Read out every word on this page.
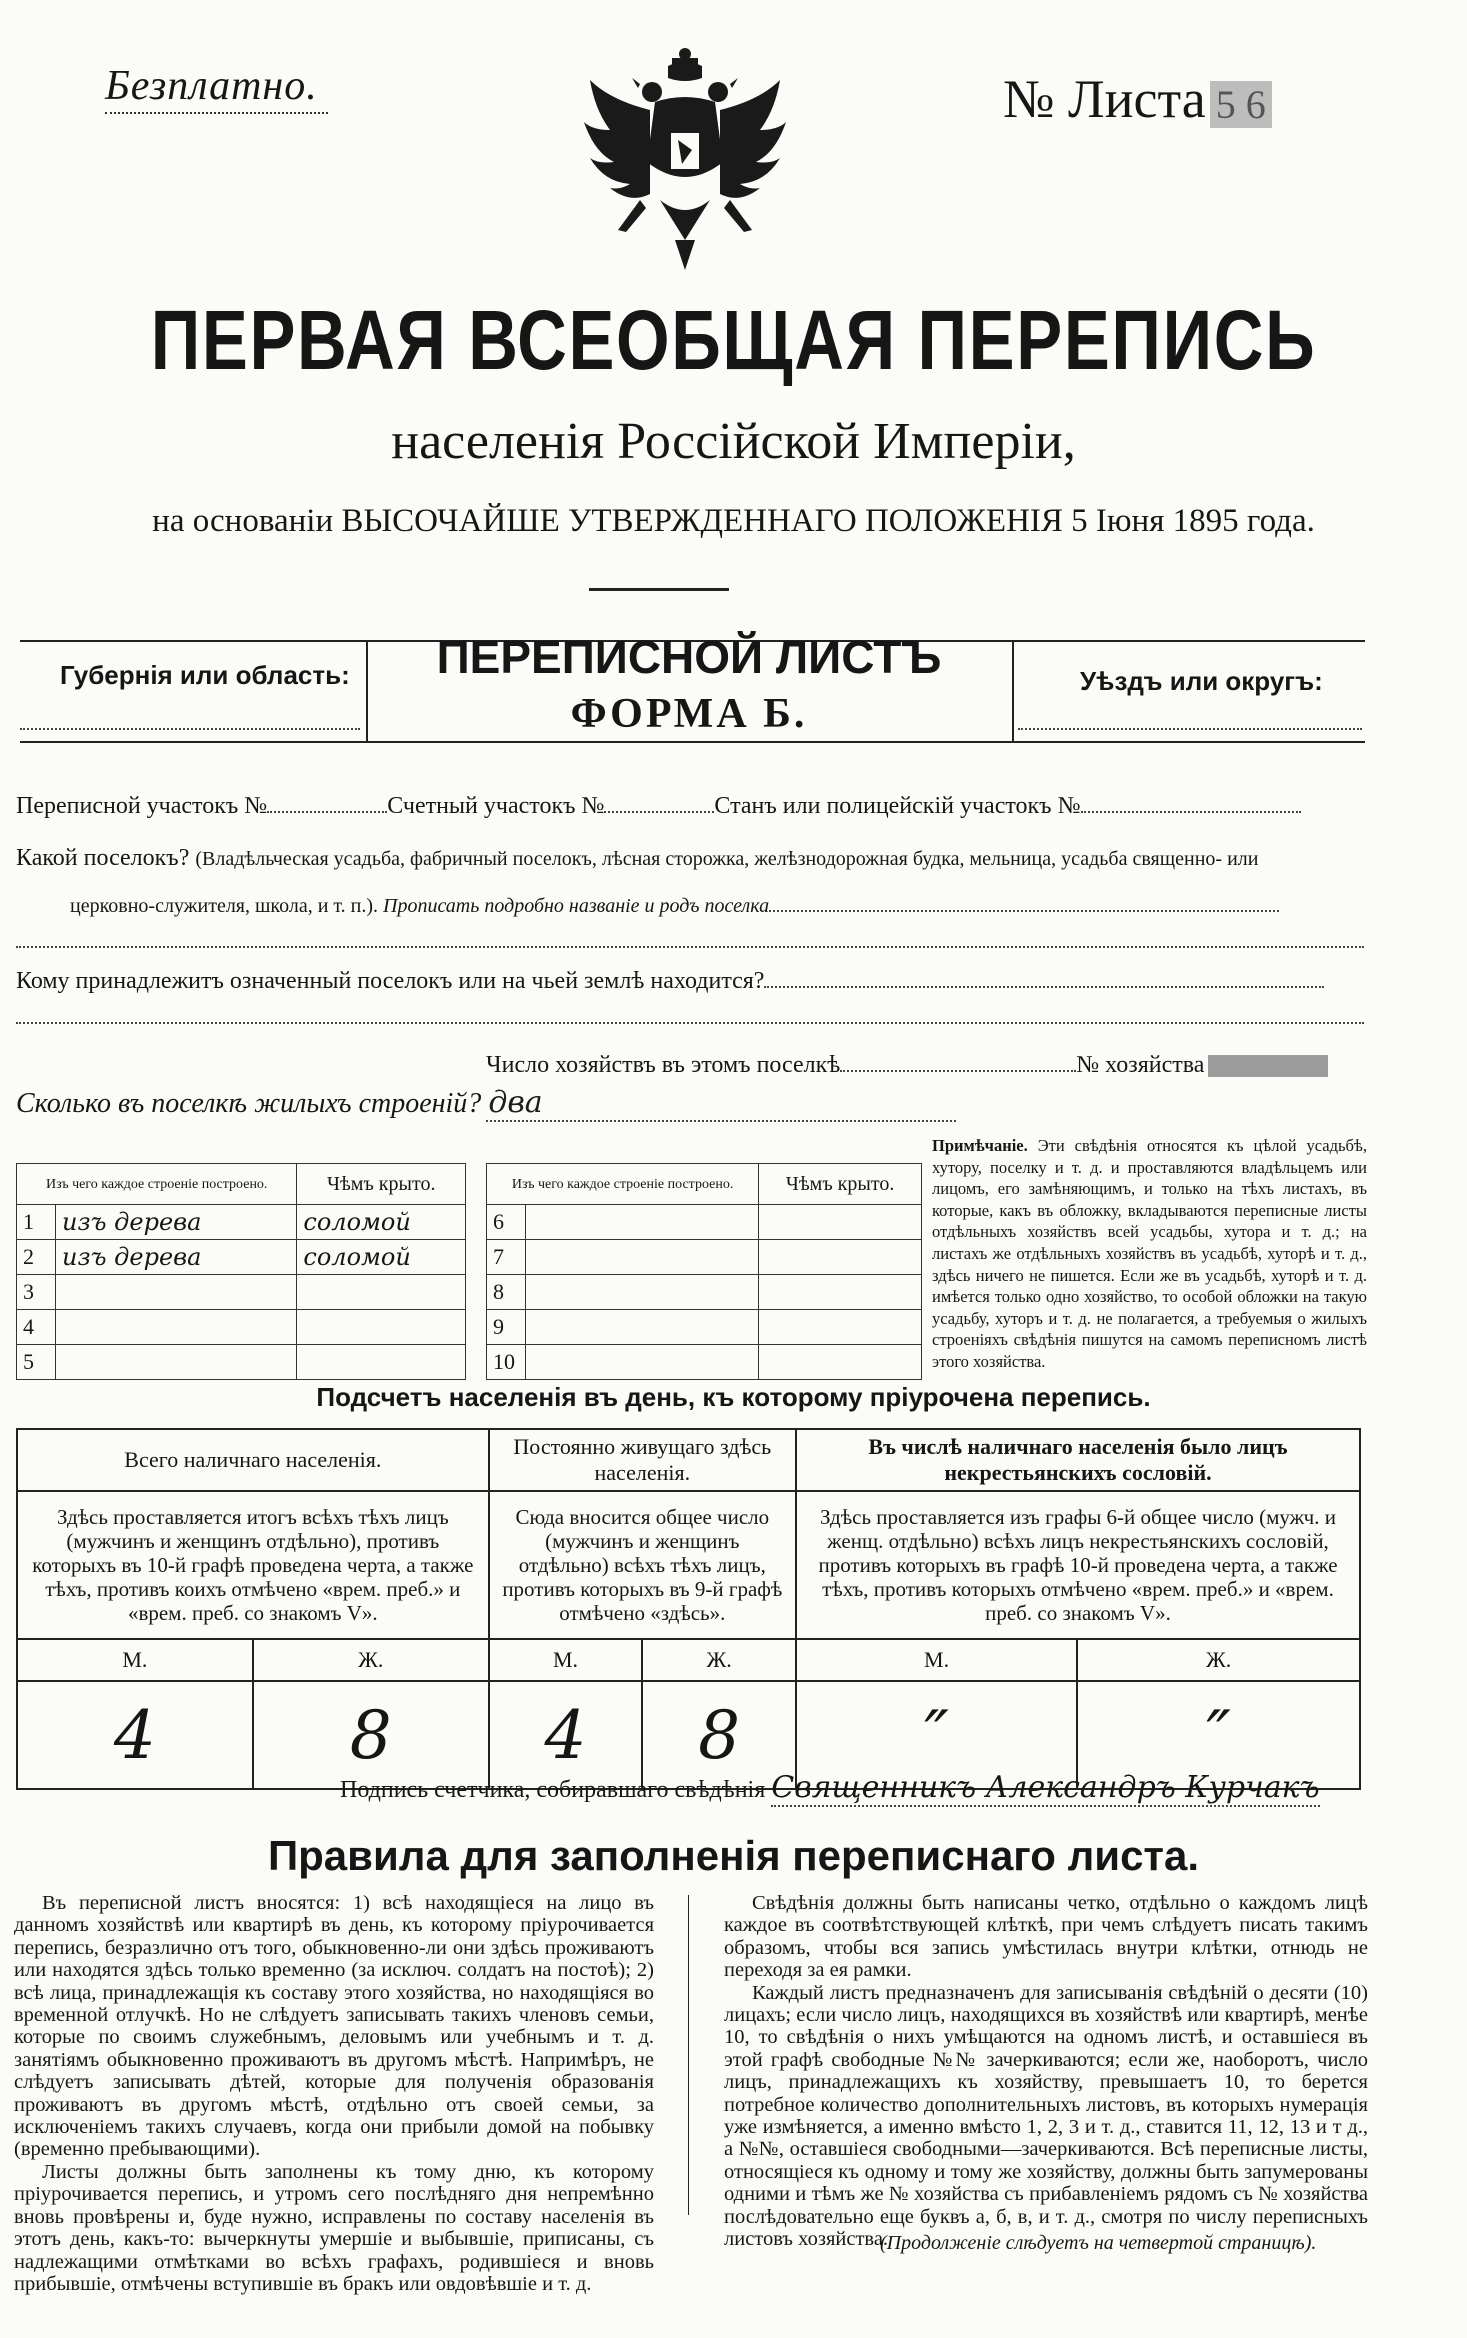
Безплатно.	№ Листа 5 6
ПЕРВАЯ ВСЕОБЩАЯ ПЕРЕПИСЬ
населенія Россійской Имперіи,
на основаніи ВЫСОЧАЙШЕ УТВЕРЖДЕННАГО ПОЛОЖЕНІЯ 5 Іюня 1895 года.
Губернія или область:	ПЕРЕПИСНОЙ ЛИСТЪ
ФОРМА Б.
Уѣздъ или округъ:
Переписной участокъ №	Счетный участокъ №	Станъ или полицейскій участокъ №
Какой поселокъ? (Владѣльческая усадьба, фабричный поселокъ, лѣсная сторожка, желѣзнодорожная будка, мельница, усадьба священно- или
церковно-служителя, школа, и т. п.). Прописать подробно названіе и родъ поселка
Кому принадлежитъ означенный поселокъ или на чьей землѣ находится?
Число хозяйствъ въ этомъ поселкѣ	№ хозяйства
Сколько въ поселкѣ жилыхъ строеній? два
Изъ чего каждое строеніе построено.		Чѣмъ крыто.
1	изъ дерева	соломой
2	изъ дерева	соломой
3		
4		
5		
Изъ чего каждое строеніе построено.		Чѣмъ крыто.
6		
7		
8		
9		
10		
Примѣчаніе. Эти свѣдѣнія относятся къ цѣлой усадьбѣ, хутору, поселку и т. д. и проставляются владѣльцемъ или лицомъ, его замѣняющимъ, и только на тѣхъ листахъ, въ которые, какъ въ обложку, вкладываются переписные листы отдѣльныхъ хозяйствъ всей усадьбы, хутора и т. д.; на листахъ же отдѣльныхъ хозяйствъ въ усадьбѣ, хуторѣ и т. д., здѣсь ничего не пишется. Если же въ усадьбѣ, хуторѣ и т. д. имѣется только одно хозяйство, то особой обложки на такую усадьбу, хуторъ и т. д. не полагается, а требуемыя о жилыхъ строеніяхъ свѣдѣнія пишутся на самомъ переписномъ листѣ этого хозяйства.
Подсчетъ населенія въ день, къ которому пріурочена перепись.
Всего наличнаго населенія.		Постоянно живущаго здѣсь населенія.		Въ числѣ наличнаго населенія было лицъ некрестьянскихъ сословій.	
Здѣсь проставляется итогъ всѣхъ тѣхъ лицъ (мужчинъ и женщинъ отдѣльно), противъ которыхъ въ 10-й графѣ проведена черта, а также тѣхъ, противъ коихъ отмѣчено «врем. преб.» и «врем. преб. со знакомъ V».		Сюда вносится общее число (мужчинъ и женщинъ отдѣльно) всѣхъ тѣхъ лицъ, противъ которыхъ въ 9-й графѣ отмѣчено «здѣсь».		Здѣсь проставляется изъ графы 6-й общее число (мужч. и женщ. отдѣльно) всѣхъ лицъ некрестьянскихъ сословій, противъ которыхъ въ графѣ 10-й проведена черта, а также тѣхъ, противъ которыхъ отмѣчено «врем. преб.» и «врем. преб. со знакомъ V».	
М.	Ж.	М.	Ж.	М.	Ж.
4	8	4	8	″	″
Подпись счетчика, собиравшаго свѣдѣнія Священникъ Александръ Курчакъ
Правила для заполненія переписнаго листа.

Въ переписной листъ вносятся: 1) всѣ находящіеся на лицо въ данномъ хозяйствѣ или квартирѣ въ день, къ которому пріурочивается перепись, безразлично отъ того, обыкновенно-ли они здѣсь проживаютъ или находятся здѣсь только временно (за исключ. солдатъ на постоѣ); 2) всѣ лица, принадлежащія къ составу этого хозяйства, но находящіяся во временной отлучкѣ. Но не слѣдуетъ записывать такихъ членовъ семьи, которые по своимъ служебнымъ, деловымъ или учебнымъ и т. д. занятіямъ обыкновенно проживаютъ въ другомъ мѣстѣ. Напримѣръ, не слѣдуетъ записывать дѣтей, которые для полученія образованія проживаютъ въ другомъ мѣстѣ, отдѣльно отъ своей семьи, за исключеніемъ такихъ случаевъ, когда они прибыли домой на побывку (временно пребывающими).

Листы должны быть заполнены къ тому дню, къ которому пріурочивается перепись, и утромъ сего послѣдняго дня непремѣнно вновь провѣрены и, буде нужно, исправлены по составу населенія въ этотъ день, какъ-то: вычеркнуты умершіе и выбывшіе, приписаны, съ надлежащими отмѣтками во всѣхъ графахъ, родившіеся и вновь прибывшіе, отмѣчены вступившіе въ бракъ или овдовѣвшіе и т. д.

Свѣдѣнія должны быть написаны четко, отдѣльно о каждомъ лицѣ каждое въ соотвѣтствующей клѣткѣ, при чемъ слѣдуетъ писать такимъ образомъ, чтобы вся запись умѣстилась внутри клѣтки, отнюдь не переходя за ея рамки.

Каждый листъ предназначенъ для записыванія свѣдѣній о десяти (10) лицахъ; если число лицъ, находящихся въ хозяйствѣ или квартирѣ, менѣе 10, то свѣдѣнія о нихъ умѣщаются на одномъ листѣ, и оставшіеся въ этой графѣ свободные №№ зачеркиваются; если же, наоборотъ, число лицъ, принадлежащихъ къ хозяйству, превышаетъ 10, то берется потребное количество дополнительныхъ листовъ, въ которыхъ нумерація уже измѣняется, а именно вмѣсто 1, 2, 3 и т. д., ставится 11, 12, 13 и т д., а №№, оставшіеся свободными—зачеркиваются. Всѣ переписные листы, относящіеся къ одному и тому же хозяйству, должны быть запумерованы одними и тѣмъ же № хозяйства съ прибавленіемъ рядомъ съ № хозяйства послѣдовательно еще буквъ а, б, в, и т. д., смотря по числу переписныхъ листовъ хозяйства.

(Продолженіе слѣдуетъ на четвертой страницѣ).
